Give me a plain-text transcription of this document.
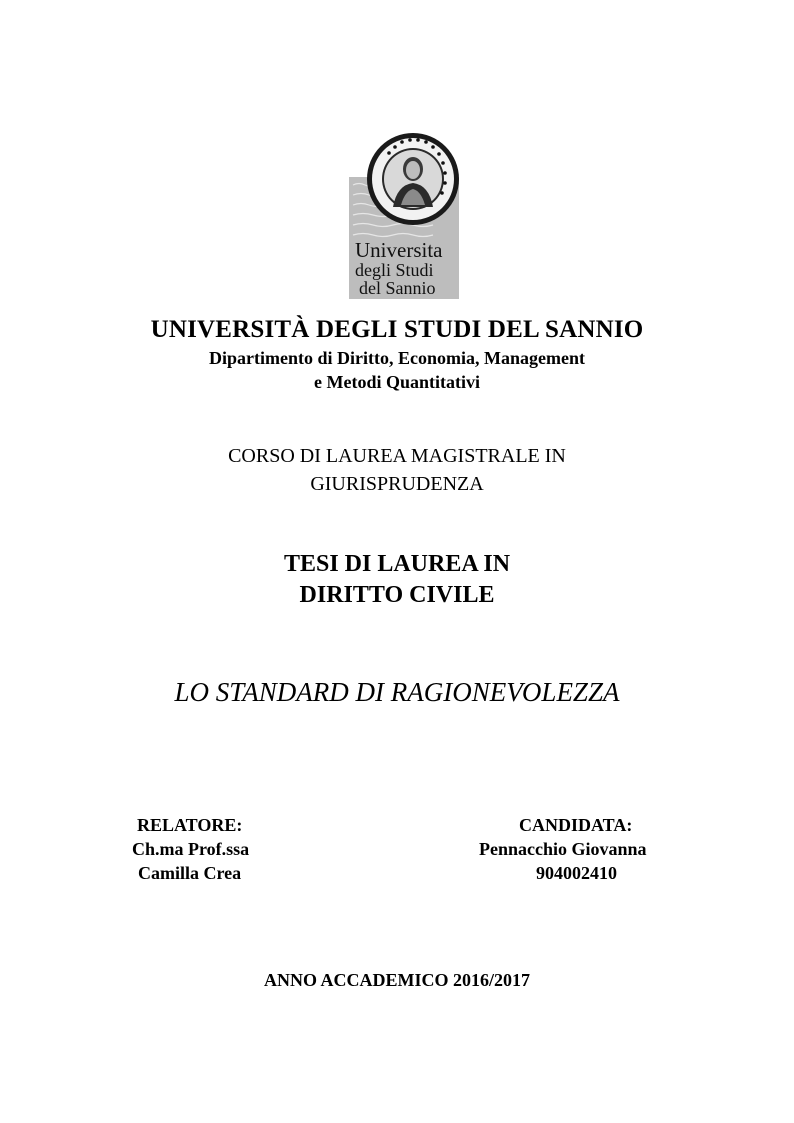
Universita
degli Studi
del Sannio
UNIVERSITÀ DEGLI STUDI DEL SANNIO
Dipartimento di Diritto, Economia, Management
e Metodi Quantitativi
CORSO DI LAUREA MAGISTRALE IN
GIURISPRUDENZA
TESI DI LAUREA IN
DIRITTO CIVILE
LO STANDARD DI RAGIONEVOLEZZA
RELATORE:
Ch.ma Prof.ssa
Camilla Crea
CANDIDATA:
Pennacchio Giovanna
904002410
ANNO ACCADEMICO 2016/2017
